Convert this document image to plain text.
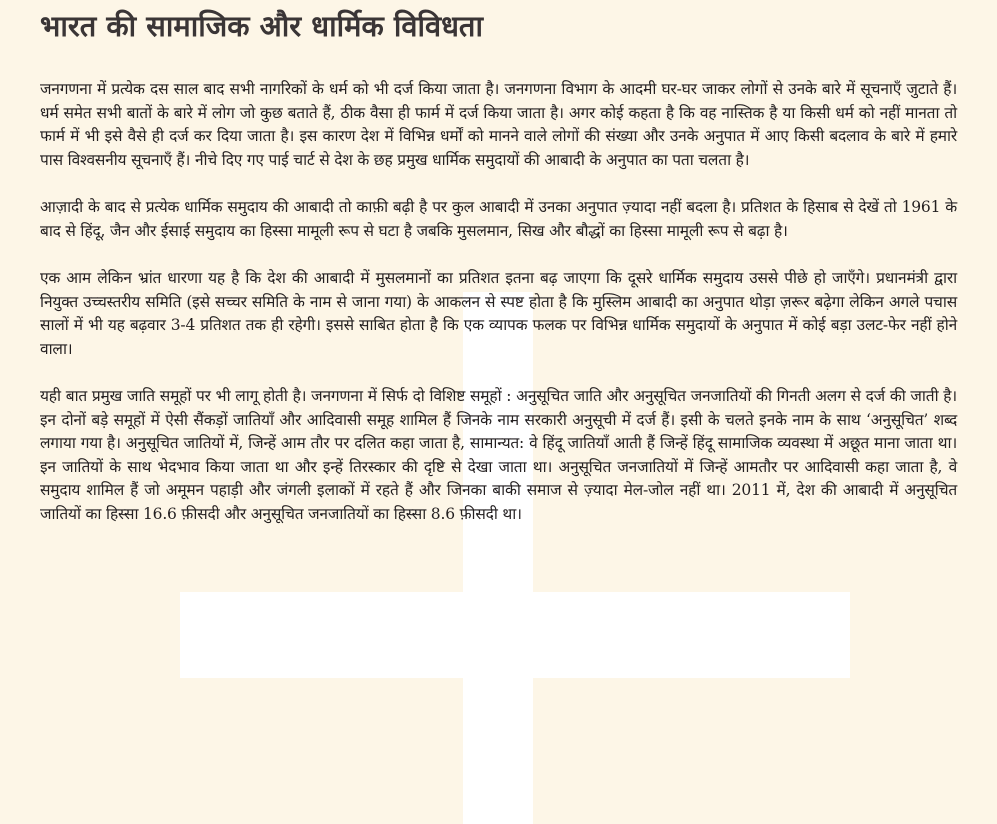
भारत की सामाजिक और धार्मिक विविधता

जनगणना में प्रत्येक दस साल बाद सभी नागरिकों के धर्म को भी दर्ज किया जाता है। जनगणना विभाग के आदमी घर-घर जाकर लोगों से उनके बारे में सूचनाएँ जुटाते हैं। धर्म समेत सभी बातों के बारे में लोग जो कुछ बताते हैं, ठीक वैसा ही फार्म में दर्ज किया जाता है। अगर कोई कहता है कि वह नास्तिक है या किसी धर्म को नहीं मानता तो फार्म में भी इसे वैसे ही दर्ज कर दिया जाता है। इस कारण देश में विभिन्न धर्मों को मानने वाले लोगों की संख्या और उनके अनुपात में आए किसी बदलाव के बारे में हमारे पास विश्वसनीय सूचनाएँ हैं। नीचे दिए गए पाई चार्ट से देश के छह प्रमुख धार्मिक समुदायों की आबादी के अनुपात का पता चलता है।

आज़ादी के बाद से प्रत्येक धार्मिक समुदाय की आबादी तो काफ़ी बढ़ी है पर कुल आबादी में उनका अनुपात ज़्यादा नहीं बदला है। प्रतिशत के हिसाब से देखें तो 1961 के बाद से हिंदू, जैन और ईसाई समुदाय का हिस्सा मामूली रूप से घटा है जबकि मुसलमान, सिख और बौद्धों का हिस्सा मामूली रूप से बढ़ा है।

एक आम लेकिन भ्रांत धारणा यह है कि देश की आबादी में मुसलमानों का प्रतिशत इतना बढ़ जाएगा कि दूसरे धार्मिक समुदाय उससे पीछे हो जाएँगे। प्रधानमंत्री द्वारा नियुक्त उच्चस्तरीय समिति (इसे सच्चर समिति के नाम से जाना गया) के आकलन से स्पष्ट होता है कि मुस्लिम आबादी का अनुपात थोड़ा ज़रूर बढ़ेगा लेकिन अगले पचास सालों में भी यह बढ़वार 3-4 प्रतिशत तक ही रहेगी। इससे साबित होता है कि एक व्यापक फलक पर विभिन्न धार्मिक समुदायों के अनुपात में कोई बड़ा उलट-फेर नहीं होने वाला।

यही बात प्रमुख जाति समूहों पर भी लागू होती है। जनगणना में सिर्फ दो विशिष्ट समूहों : अनुसूचित जाति और अनुसूचित जनजातियों की गिनती अलग से दर्ज की जाती है। इन दोनों बड़े समूहों में ऐसी सैंकड़ों जातियाँ और आदिवासी समूह शामिल हैं जिनके नाम सरकारी अनुसूची में दर्ज हैं। इसी के चलते इनके नाम के साथ ‘अनुसूचित’ शब्द लगाया गया है। अनुसूचित जातियों में, जिन्हें आम तौर पर दलित कहा जाता है, सामान्यत: वे हिंदू जातियाँ आती हैं जिन्हें हिंदू सामाजिक व्यवस्था में अछूत माना जाता था। इन जातियों के साथ भेदभाव किया जाता था और इन्हें तिरस्कार की दृष्टि से देखा जाता था। अनुसूचित जनजातियों में जिन्हें आमतौर पर आदिवासी कहा जाता है, वे समुदाय शामिल हैं जो अमूमन पहाड़ी और जंगली इलाकों में रहते हैं और जिनका बाकी समाज से ज़्यादा मेल-जोल नहीं था। 2011 में, देश की आबादी में अनुसूचित जातियों का हिस्सा 16.6 फ़ीसदी और अनुसूचित जनजातियों का हिस्सा 8.6 फ़ीसदी था।
